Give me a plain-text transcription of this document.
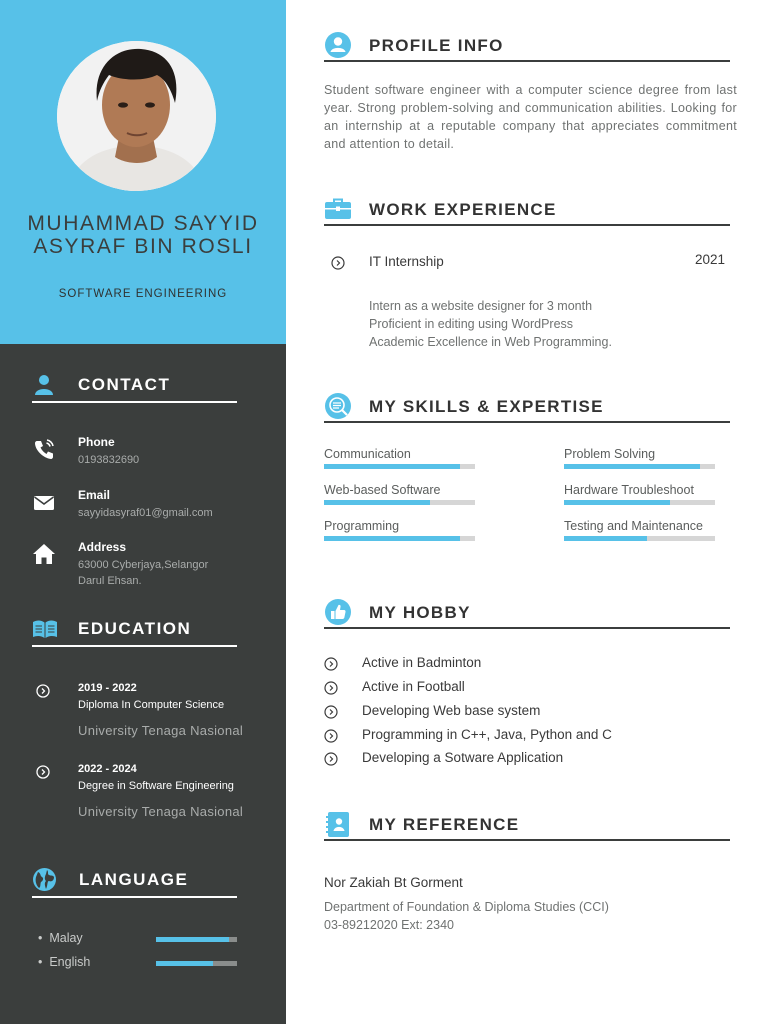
MUHAMMAD SAYYID
ASYRAF BIN ROSLI
SOFTWARE ENGINEERING
CONTACT
Phone
0193832690
Email
sayyidasyraf01@gmail.com
Address
63000 Cyberjaya,Selangor
Darul Ehsan.
EDUCATION
2019 - 2022
Diploma In Computer Science
University Tenaga Nasional
2022 - 2024
Degree in Software Engineering
University Tenaga Nasional
LANGUAGE
•  Malay
•  English
PROFILE INFO
Student software engineer with a computer science degree from last year. Strong problem-solving and communication abilities. Looking for an internship at a reputable company that appreciates commitment and attention to detail.
WORK EXPERIENCE
IT Internship	2021
Intern as a website designer for 3 month
Proficient in editing using WordPress
Academic Excellence in Web Programming.
MY SKILLS & EXPERTISE
Communication	Problem Solving
Web-based Software	Hardware Troubleshoot
Programming	Testing and Maintenance
MY HOBBY
Active in Badminton
Active in Football
Developing Web base system
Programming in C++, Java, Python and C
Developing a Sotware Application
MY REFERENCE
Nor Zakiah Bt Gorment
Department of Foundation & Diploma Studies (CCI)
03-89212020 Ext: 2340
